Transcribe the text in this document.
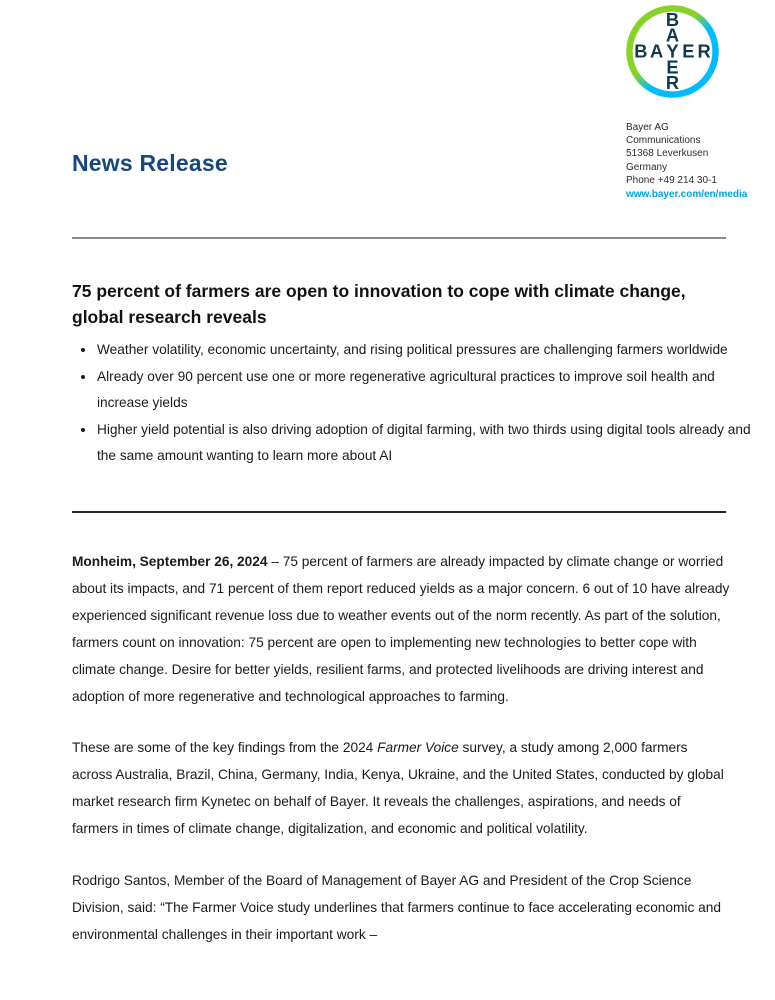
B
A
E
R
B A Y E R
Bayer AG
Communications
51368 Leverkusen
Germany
Phone +49 214 30-1
www.bayer.com/en/media
News Release
75 percent of farmers are open to innovation to cope with climate change, global research reveals
• Weather volatility, economic uncertainty, and rising political pressures are challenging farmers worldwide
• Already over 90 percent use one or more regenerative agricultural practices to improve soil health and increase yields
• Higher yield potential is also driving adoption of digital farming, with two thirds using digital tools already and the same amount wanting to learn more about AI

Monheim, September 26, 2024 – 75 percent of farmers are already impacted by climate change or worried about its impacts, and 71 percent of them report reduced yields as a major concern. 6 out of 10 have already experienced significant revenue loss due to weather events out of the norm recently. As part of the solution, farmers count on innovation: 75 percent are open to implementing new technologies to better cope with climate change. Desire for better yields, resilient farms, and protected livelihoods are driving interest and adoption of more regenerative and technological approaches to farming.

These are some of the key findings from the 2024 Farmer Voice survey, a study among 2,000 farmers across Australia, Brazil, China, Germany, India, Kenya, Ukraine, and the United States, conducted by global market research firm Kynetec on behalf of Bayer. It reveals the challenges, aspirations, and needs of farmers in times of climate change, digitalization, and economic and political volatility.

Rodrigo Santos, Member of the Board of Management of Bayer AG and President of the Crop Science Division, said: “The Farmer Voice study underlines that farmers continue to face accelerating economic and environmental challenges in their important work –
